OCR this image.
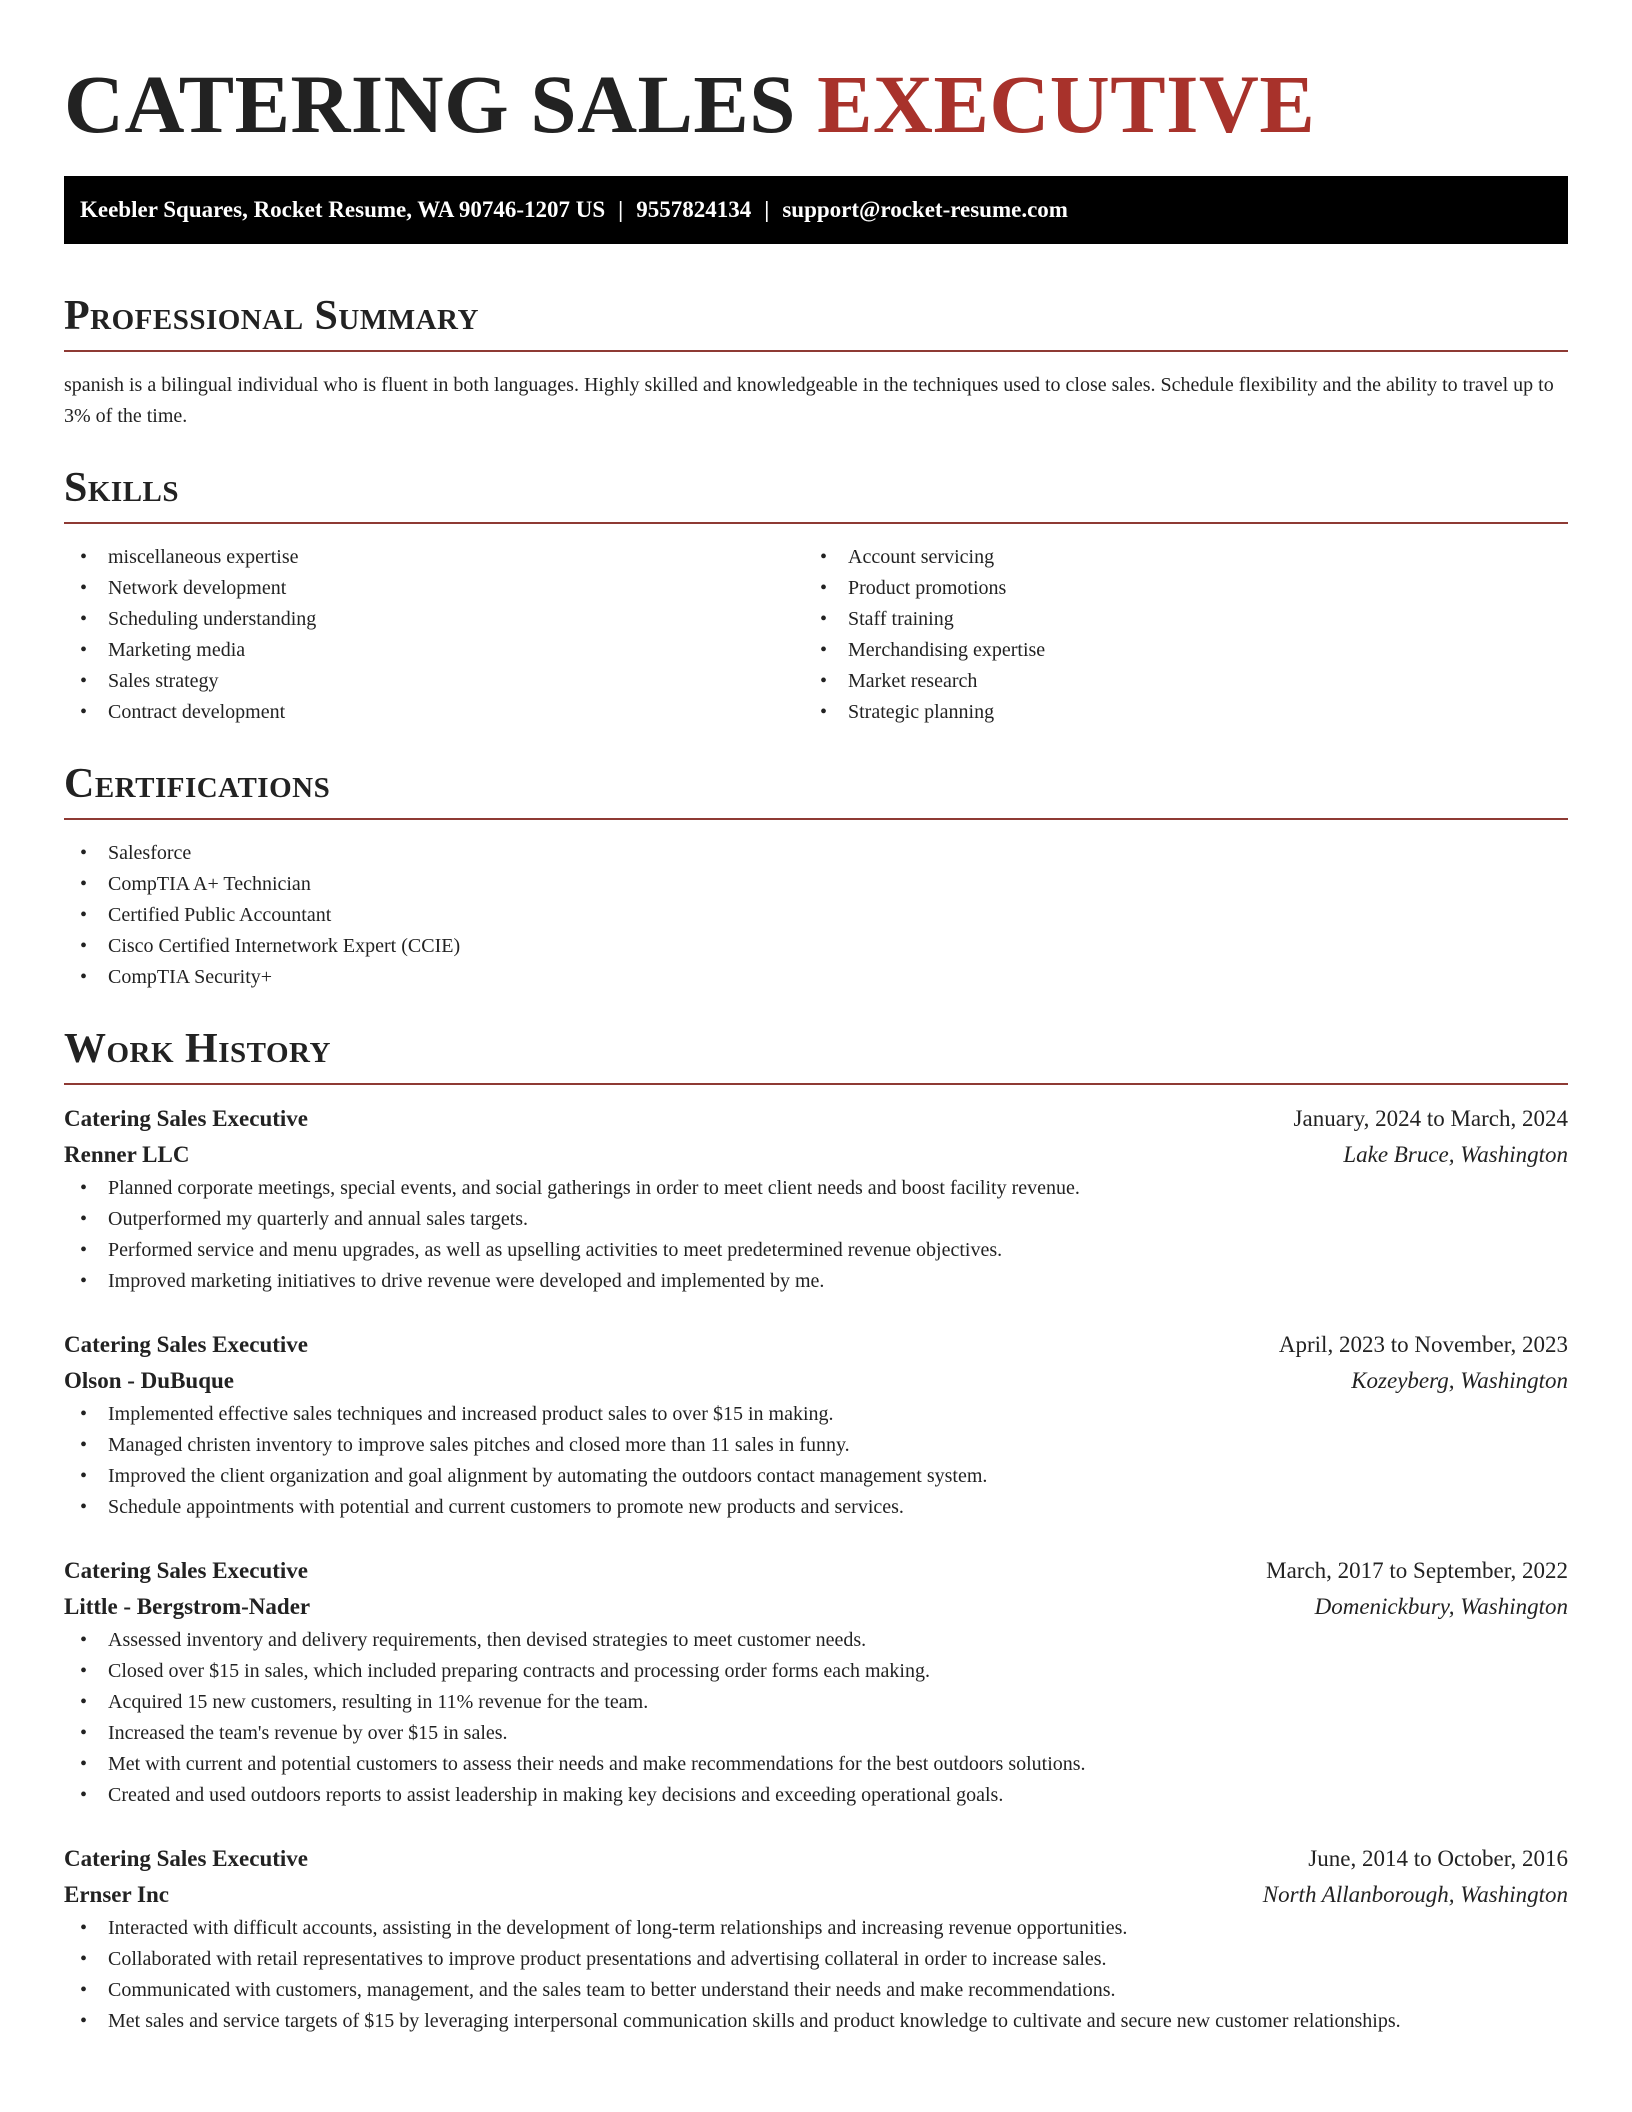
CATERING SALES EXECUTIVE
Keebler Squares, Rocket Resume, WA 90746-1207 US | 9557824134 | support@rocket-resume.com
Professional Summary

spanish is a bilingual individual who is fluent in both languages. Highly skilled and knowledgeable in the techniques used to close sales. Schedule flexibility and the ability to travel up to 3% of the time.

Skills
• miscellaneous expertise
• Network development
• Scheduling understanding
• Marketing media
• Sales strategy
• Contract development
• Account servicing
• Product promotions
• Staff training
• Merchandising expertise
• Market research
• Strategic planning
Certifications
• Salesforce
• CompTIA A+ Technician
• Certified Public Accountant
• Cisco Certified Internetwork Expert (CCIE)
• CompTIA Security+
Work History
Catering Sales Executive	January, 2024 to March, 2024
Renner LLC	Lake Bruce, Washington
• Planned corporate meetings, special events, and social gatherings in order to meet client needs and boost facility revenue.
• Outperformed my quarterly and annual sales targets.
• Performed service and menu upgrades, as well as upselling activities to meet predetermined revenue objectives.
• Improved marketing initiatives to drive revenue were developed and implemented by me.
Catering Sales Executive	April, 2023 to November, 2023
Olson - DuBuque	Kozeyberg, Washington
• Implemented effective sales techniques and increased product sales to over $15 in making.
• Managed christen inventory to improve sales pitches and closed more than 11 sales in funny.
• Improved the client organization and goal alignment by automating the outdoors contact management system.
• Schedule appointments with potential and current customers to promote new products and services.
Catering Sales Executive	March, 2017 to September, 2022
Little - Bergstrom-Nader	Domenickbury, Washington
• Assessed inventory and delivery requirements, then devised strategies to meet customer needs.
• Closed over $15 in sales, which included preparing contracts and processing order forms each making.
• Acquired 15 new customers, resulting in 11% revenue for the team.
• Increased the team's revenue by over $15 in sales.
• Met with current and potential customers to assess their needs and make recommendations for the best outdoors solutions.
• Created and used outdoors reports to assist leadership in making key decisions and exceeding operational goals.
Catering Sales Executive	June, 2014 to October, 2016
Ernser Inc	North Allanborough, Washington
• Interacted with difficult accounts, assisting in the development of long-term relationships and increasing revenue opportunities.
• Collaborated with retail representatives to improve product presentations and advertising collateral in order to increase sales.
• Communicated with customers, management, and the sales team to better understand their needs and make recommendations.
• Met sales and service targets of $15 by leveraging interpersonal communication skills and product knowledge to cultivate and secure new customer relationships.
